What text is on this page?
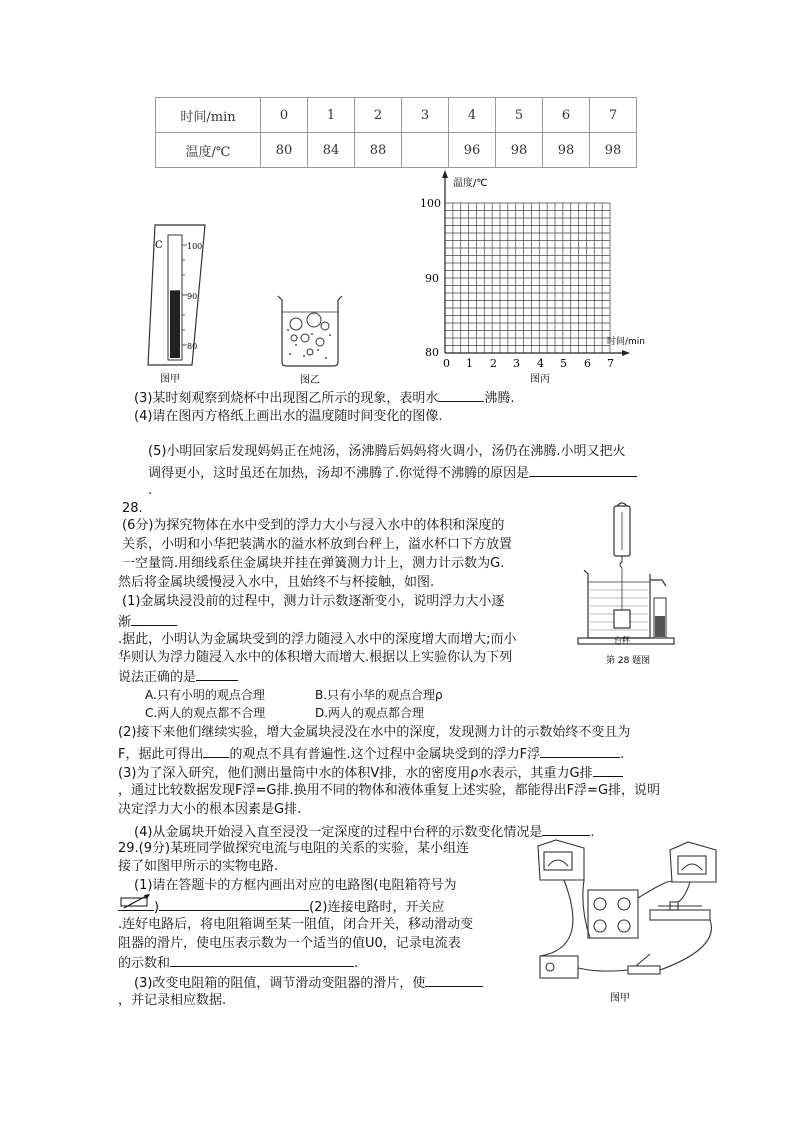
时间/min	0	1	2	3	4	5	6	7
温度/℃	80	84	88		96	98	98	98
C	100
90
80
图甲	图乙
温度/℃
时间/min
100
90
80
0 1 2 3 4 5 6 7
图丙
(3)某时刻观察到烧杯中出现图乙所示的现象，表明水	沸腾.
(4)请在图丙方格纸上画出水的温度随时间变化的图像.
(5)小明回家后发现妈妈正在炖汤，汤沸腾后妈妈将火调小，汤仍在沸腾.小明又把火
调得更小，这时虽还在加热，汤却不沸腾了.你觉得不沸腾的原因是
.
28.
(6分)为探究物体在水中受到的浮力大小与浸入水中的体积和深度的
关系，小明和小华把装满水的溢水杯放到台秤上，溢水杯口下方放置
一空量筒.用细线系住金属块并挂在弹簧测力计上，测力计示数为G.
然后将金属块缓慢浸入水中，且始终不与杯接触，如图.
(1)金属块浸没前的过程中，测力计示数逐渐变小，说明浮力大小逐
渐
.据此，小明认为金属块受到的浮力随浸入水中的深度增大而增大;而小
华则认为浮力随浸入水中的体积增大而增大.根据以上实验你认为下列
说法正确的是
A.只有小明的观点合理	B.只有小华的观点合理ρ
C.两人的观点都不合理	D.两人的观点都合理
(2)接下来他们继续实验，增大金属块浸没在水中的深度，发现测力计的示数始终不变且为
F，据此可得出 的观点不具有普遍性.这个过程中金属块受到的浮力F浮	.
(3)为了深入研究，他们测出量筒中水的体积V排，水的密度用ρ水表示，其重力G排
，通过比较数据发现F浮=G排.换用不同的物体和液体重复上述实验，都能得出F浮=G排，说明
决定浮力大小的根本因素是G排.
(4)从金属块开始浸入直至浸没一定深度的过程中台秤的示数变化情况是	.
台秤
第 28 题图
29.(9分)某班同学做探究电流与电阻的关系的实验，某小组连
接了如图甲所示的实物电路.
(1)请在答题卡的方框内画出对应的电路图(电阻箱符号为
)	(2)连接电路时，开关应
.连好电路后，将电阻箱调至某一阻值，闭合开关，移动滑动变
阻器的滑片，使电压表示数为一个适当的值U0，记录电流表
的示数和	.
(3)改变电阻箱的阻值，调节滑动变阻器的滑片，使
，并记录相应数据.	图甲
